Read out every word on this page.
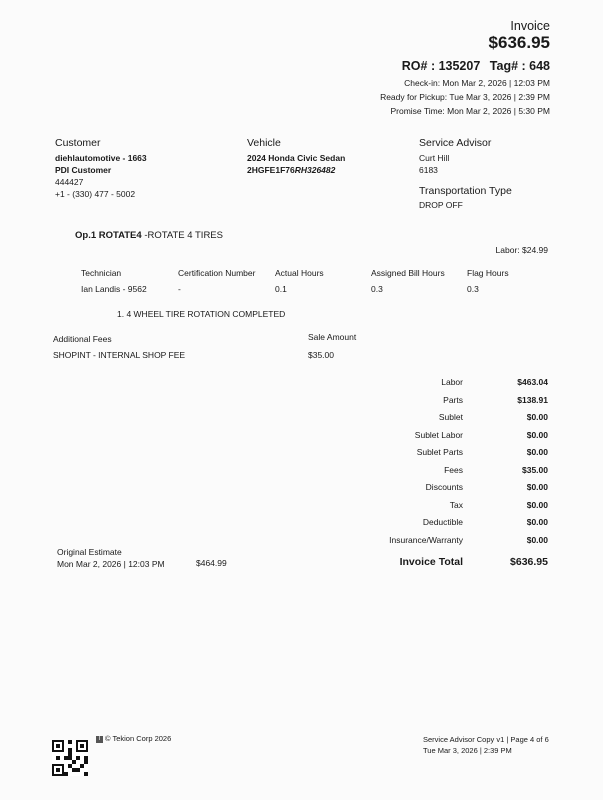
Invoice
$636.95
RO# : 135207 Tag# : 648
Check-in: Mon Mar 2, 2026 | 12:03 PM
Ready for Pickup: Tue Mar 3, 2026 | 2:39 PM
Promise Time: Mon Mar 2, 2026 | 5:30 PM
Customer
diehlautomotive - 1663
PDI Customer
444427
+1 - (330) 477 - 5002
Vehicle
2024 Honda Civic Sedan
2HGFE1F76RH326482
Service Advisor
Curt Hill
6183
Transportation Type
DROP OFF
Op.1 ROTATE4 -ROTATE 4 TIRES
Labor: $24.99
Technician	Certification Number	Actual Hours	Assigned Bill Hours	Flag Hours
Ian Landis - 9562	-	0.1	0.3	0.3
1. 4 WHEEL TIRE ROTATION COMPLETED
Additional Fees	Sale Amount
SHOPINT - INTERNAL SHOP FEE	$35.00
Labor	$463.04
Parts	$138.91
Sublet	$0.00
Sublet Labor	$0.00
Sublet Parts	$0.00
Fees	$35.00
Discounts	$0.00
Tax	$0.00
Deductible	$0.00
Insurance/Warranty	$0.00
Invoice Total	$636.95
Original Estimate
Mon Mar 2, 2026 | 12:03 PM	$464.99
T © Tekion Corp 2026	Service Advisor Copy v1 | Page 4 of 6
Tue Mar 3, 2026 | 2:39 PM
